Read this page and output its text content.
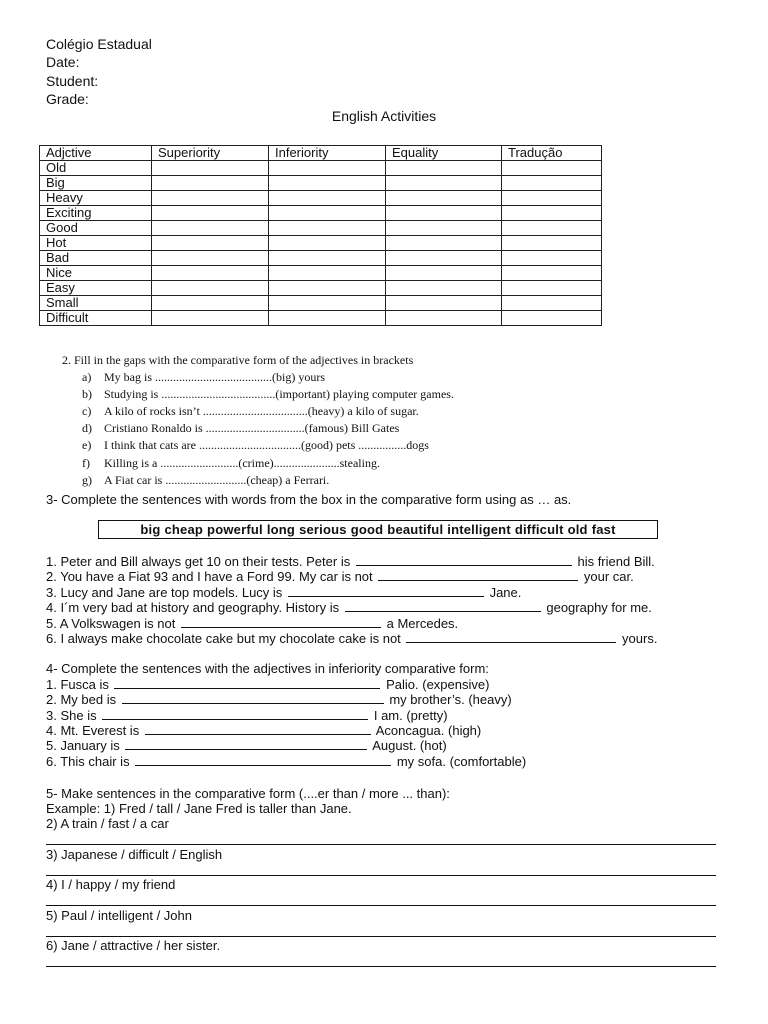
Colégio Estadual
Date:
Student:
Grade:
English Activities
Adjctive	Superiority	Inferiority	Equality	Tradução
Old				
Big				
Heavy				
Exciting				
Good				
Hot				
Bad				
Nice				
Easy				
Small				
Difficult				
2. Fill in the gaps with the comparative form of the adjectives in brackets
a) My bag is .......................................(big) yours
b) Studying is ......................................(important) playing computer games.
c) A kilo of rocks isn’t ...................................(heavy) a kilo of sugar.
d) Cristiano Ronaldo is .................................(famous) Bill Gates
e) I think that cats are ..................................(good) pets ................dogs
f) Killing is a ..........................(crime)......................stealing.
g) A Fiat car is ...........................(cheap) a Ferrari.
3- Complete the sentences with words from the box in the comparative form using as … as.
big cheap powerful long serious good beautiful intelligent difficult old fast
1. Peter and Bill always get 10 on their tests. Peter is	his friend Bill.
2. You have a Fiat 93 and I have a Ford 99. My car is not	your car.
3. Lucy and Jane are top models. Lucy is	Jane.
4. I´m very bad at history and geography. History is	geography for me.
5. A Volkswagen is not	a Mercedes.
6. I always make chocolate cake but my chocolate cake is not	yours.
4- Complete the sentences with the adjectives in inferiority comparative form:
1. Fusca is	Palio. (expensive)
2. My bed is	my brother’s. (heavy)
3. She is	I am. (pretty)
4. Mt. Everest is	Aconcagua. (high)
5. January is	August. (hot)
6. This chair is	my sofa. (comfortable)
5- Make sentences in the comparative form (....er than / more ... than):
Example: 1) Fred / tall / Jane Fred is taller than Jane.
2) A train / fast / a car
3) Japanese / difficult / English
4) I / happy / my friend
5) Paul / intelligent / John
6) Jane / attractive / her sister.
